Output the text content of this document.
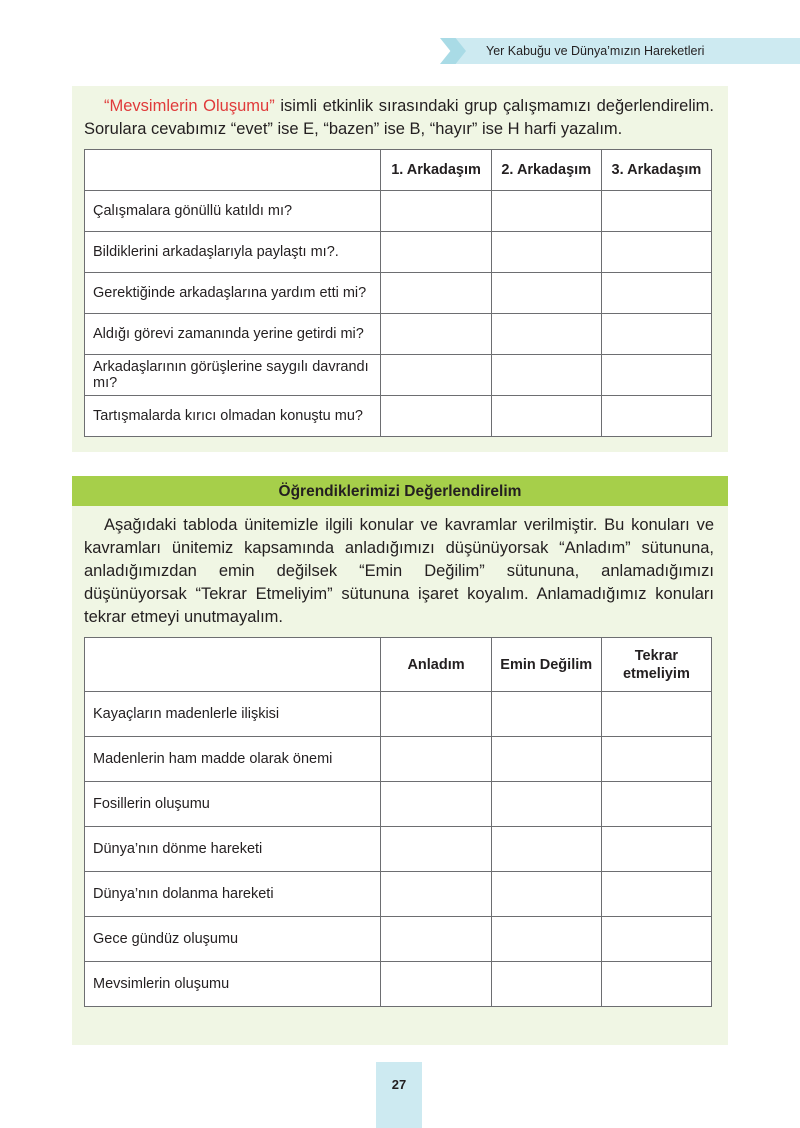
Yer Kabuğu ve Dünya’mızın Hareketleri
“Mevsimlerin Oluşumu” isimli etkinlik sırasındaki grup çalışmamızı değerlendirelim. Sorulara cevabımız “evet” ise E, “bazen” ise B, “hayır” ise H harfi yazalım.
	1. Arkadaşım	2. Arkadaşım	3. Arkadaşım
Çalışmalara gönüllü katıldı mı?			
Bildiklerini arkadaşlarıyla paylaştı mı?.			
Gerektiğinde arkadaşlarına yardım etti mi?			
Aldığı görevi zamanında yerine getirdi mi?			
Arkadaşlarının görüşlerine saygılı davrandı mı?			
Tartışmalarda kırıcı olmadan konuştu mu?			
Öğrendiklerimizi Değerlendirelim
Aşağıdaki tabloda ünitemizle ilgili konular ve kavramlar verilmiştir. Bu konuları ve kavramları ünitemiz kapsamında anladığımızı düşünüyorsak “Anladım” sütununa, anladığımızdan emin değilsek “Emin Değilim” sütununa, anlamadığımızı düşünüyorsak “Tekrar Etmeliyim” sütununa işaret koyalım. Anlamadığımız konuları tekrar etmeyi unutmayalım.
	Anladım	Emin Değilim	Tekrar etmeliyim
Kayaçların madenlerle ilişkisi			
Madenlerin ham madde olarak önemi			
Fosillerin oluşumu			
Dünya’nın dönme hareketi			
Dünya’nın dolanma hareketi			
Gece gündüz oluşumu			
Mevsimlerin oluşumu			
27
